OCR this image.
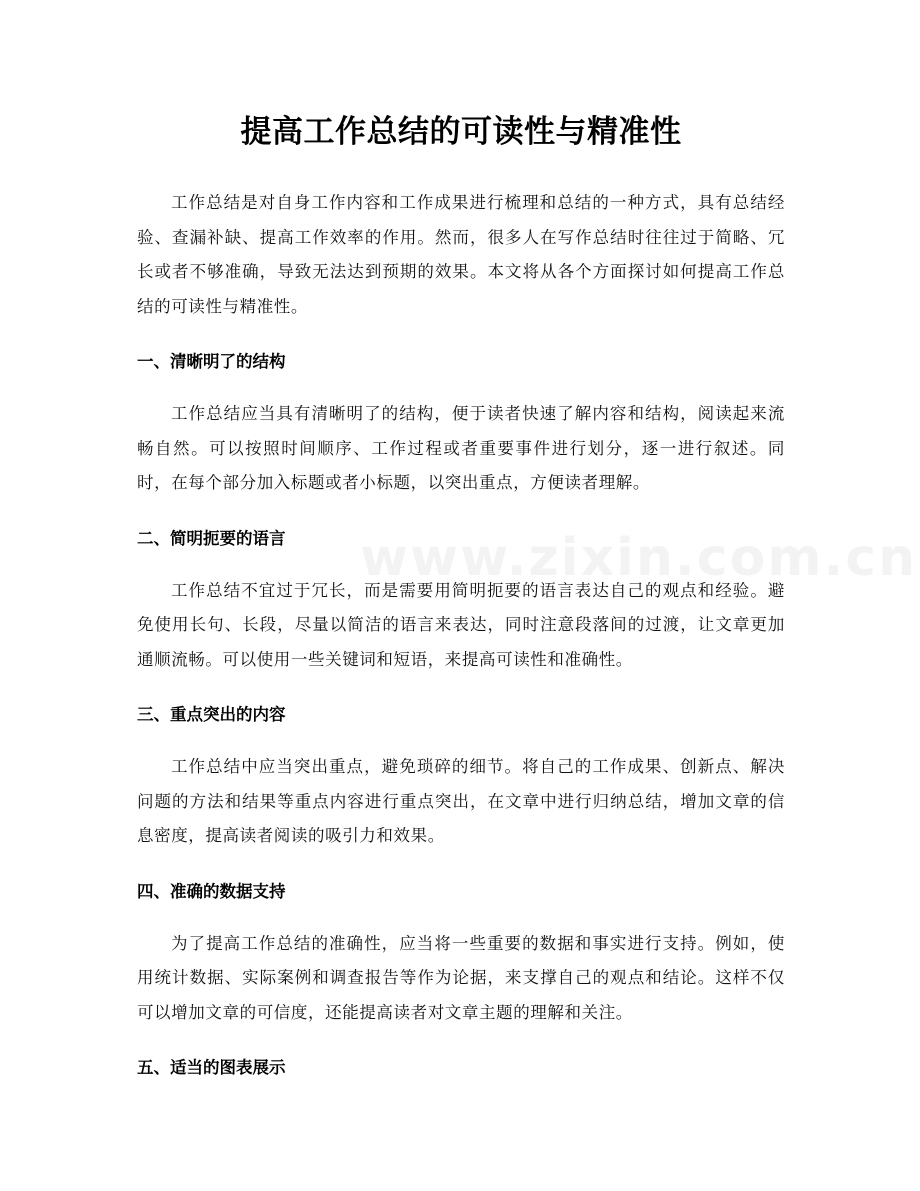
www.zixin.com.cn
提高工作总结的可读性与精准性

工作总结是对自身工作内容和工作成果进行梳理和总结的一种方式，具有总结经验、查漏补缺、提高工作效率的作用。然而，很多人在写作总结时往往过于简略、冗长或者不够准确，导致无法达到预期的效果。本文将从各个方面探讨如何提高工作总结的可读性与精准性。

一、清晰明了的结构

工作总结应当具有清晰明了的结构，便于读者快速了解内容和结构，阅读起来流畅自然。可以按照时间顺序、工作过程或者重要事件进行划分，逐一进行叙述。同时，在每个部分加入标题或者小标题，以突出重点，方便读者理解。

二、简明扼要的语言

工作总结不宜过于冗长，而是需要用简明扼要的语言表达自己的观点和经验。避免使用长句、长段，尽量以简洁的语言来表达，同时注意段落间的过渡，让文章更加通顺流畅。可以使用一些关键词和短语，来提高可读性和准确性。

三、重点突出的内容

工作总结中应当突出重点，避免琐碎的细节。将自己的工作成果、创新点、解决问题的方法和结果等重点内容进行重点突出，在文章中进行归纳总结，增加文章的信息密度，提高读者阅读的吸引力和效果。

四、准确的数据支持

为了提高工作总结的准确性，应当将一些重要的数据和事实进行支持。例如，使用统计数据、实际案例和调查报告等作为论据，来支撑自己的观点和结论。这样不仅可以增加文章的可信度，还能提高读者对文章主题的理解和关注。

五、适当的图表展示
